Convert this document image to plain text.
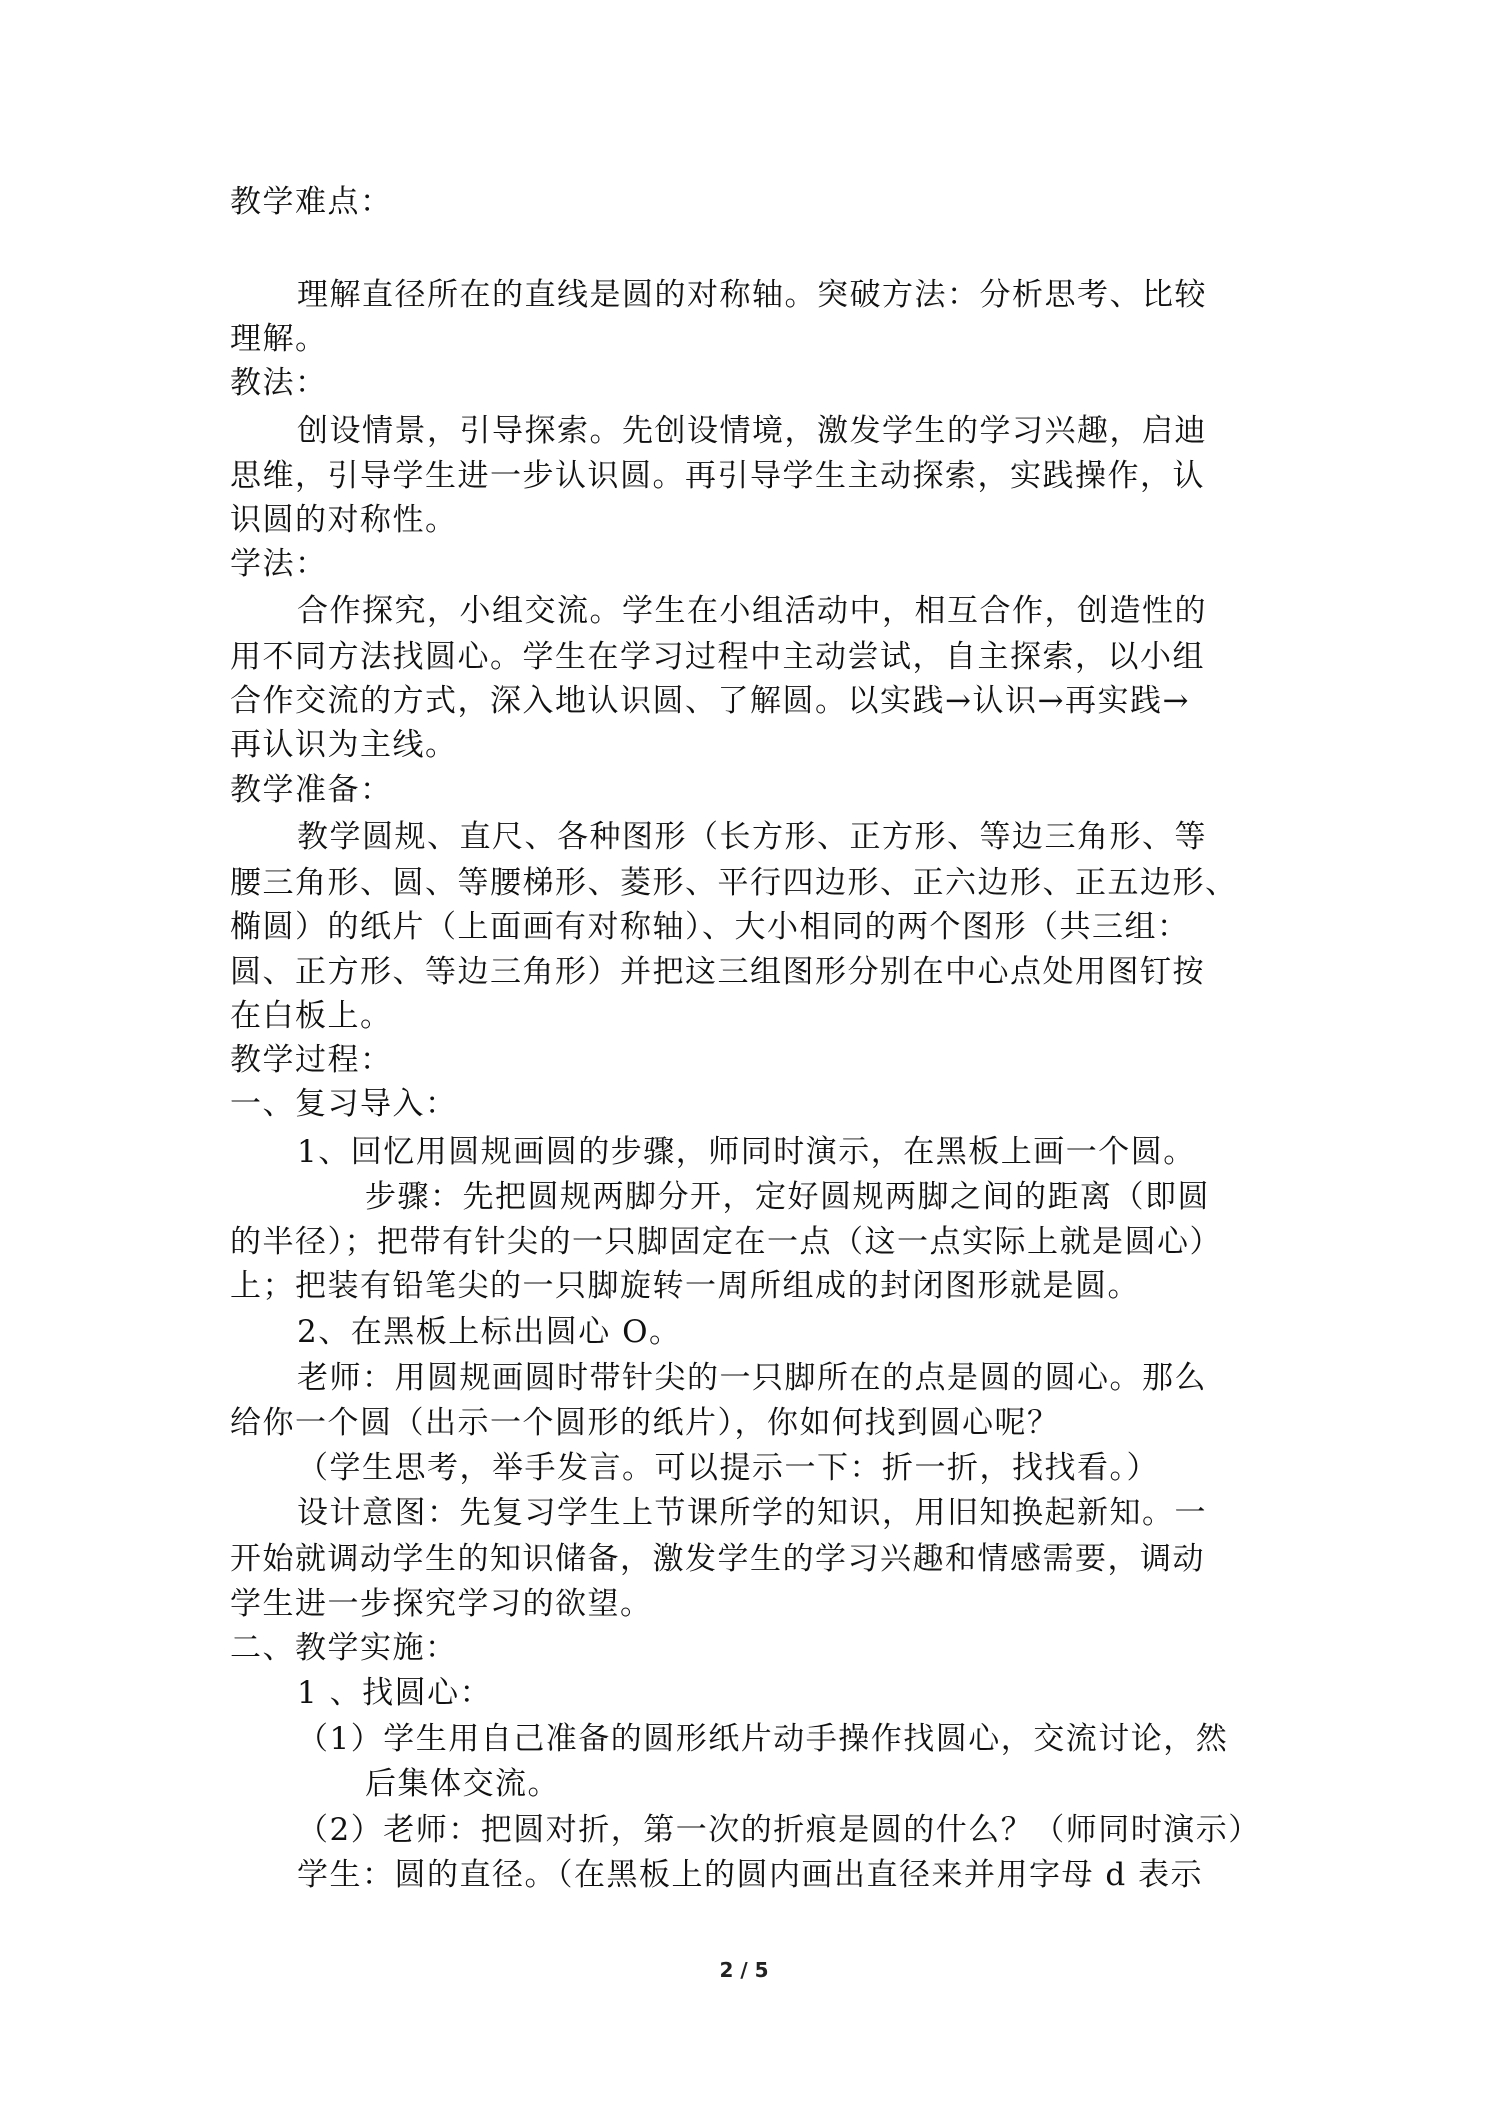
教学难点：
理解直径所在的直线是圆的对称轴。突破方法：分析思考、比较
理解。
教法：
创设情景，引导探索。先创设情境，激发学生的学习兴趣，启迪
思维，引导学生进一步认识圆。再引导学生主动探索，实践操作，认
识圆的对称性。
学法：
合作探究，小组交流。学生在小组活动中，相互合作，创造性的
用不同方法找圆心。学生在学习过程中主动尝试，自主探索，以小组
合作交流的方式，深入地认识圆、了解圆。以实践→认识→再实践→
再认识为主线。
教学准备：
教学圆规、直尺、各种图形（长方形、正方形、等边三角形、等
腰三角形、圆、等腰梯形、菱形、平行四边形、正六边形、正五边形、
椭圆）的纸片（上面画有对称轴）、大小相同的两个图形（共三组：
圆、正方形、等边三角形）并把这三组图形分别在中心点处用图钉按
在白板上。
教学过程：
一、复习导入：
1、回忆用圆规画圆的步骤，师同时演示，在黑板上画一个圆。
步骤：先把圆规两脚分开，定好圆规两脚之间的距离（即圆
的半径）；把带有针尖的一只脚固定在一点（这一点实际上就是圆心）
上；把装有铅笔尖的一只脚旋转一周所组成的封闭图形就是圆。
2、在黑板上标出圆心 O。
老师：用圆规画圆时带针尖的一只脚所在的点是圆的圆心。那么
给你一个圆（出示一个圆形的纸片），你如何找到圆心呢？
（学生思考，举手发言。可以提示一下：折一折，找找看。）
设计意图：先复习学生上节课所学的知识，用旧知换起新知。一
开始就调动学生的知识储备，激发学生的学习兴趣和情感需要，调动
学生进一步探究学习的欲望。
二、教学实施：
1 、找圆心：
（1）学生用自己准备的圆形纸片动手操作找圆心，交流讨论，然
后集体交流。
（2）老师：把圆对折，第一次的折痕是圆的什么？（师同时演示）
学生：圆的直径。（在黑板上的圆内画出直径来并用字母 d 表示
2 / 5
